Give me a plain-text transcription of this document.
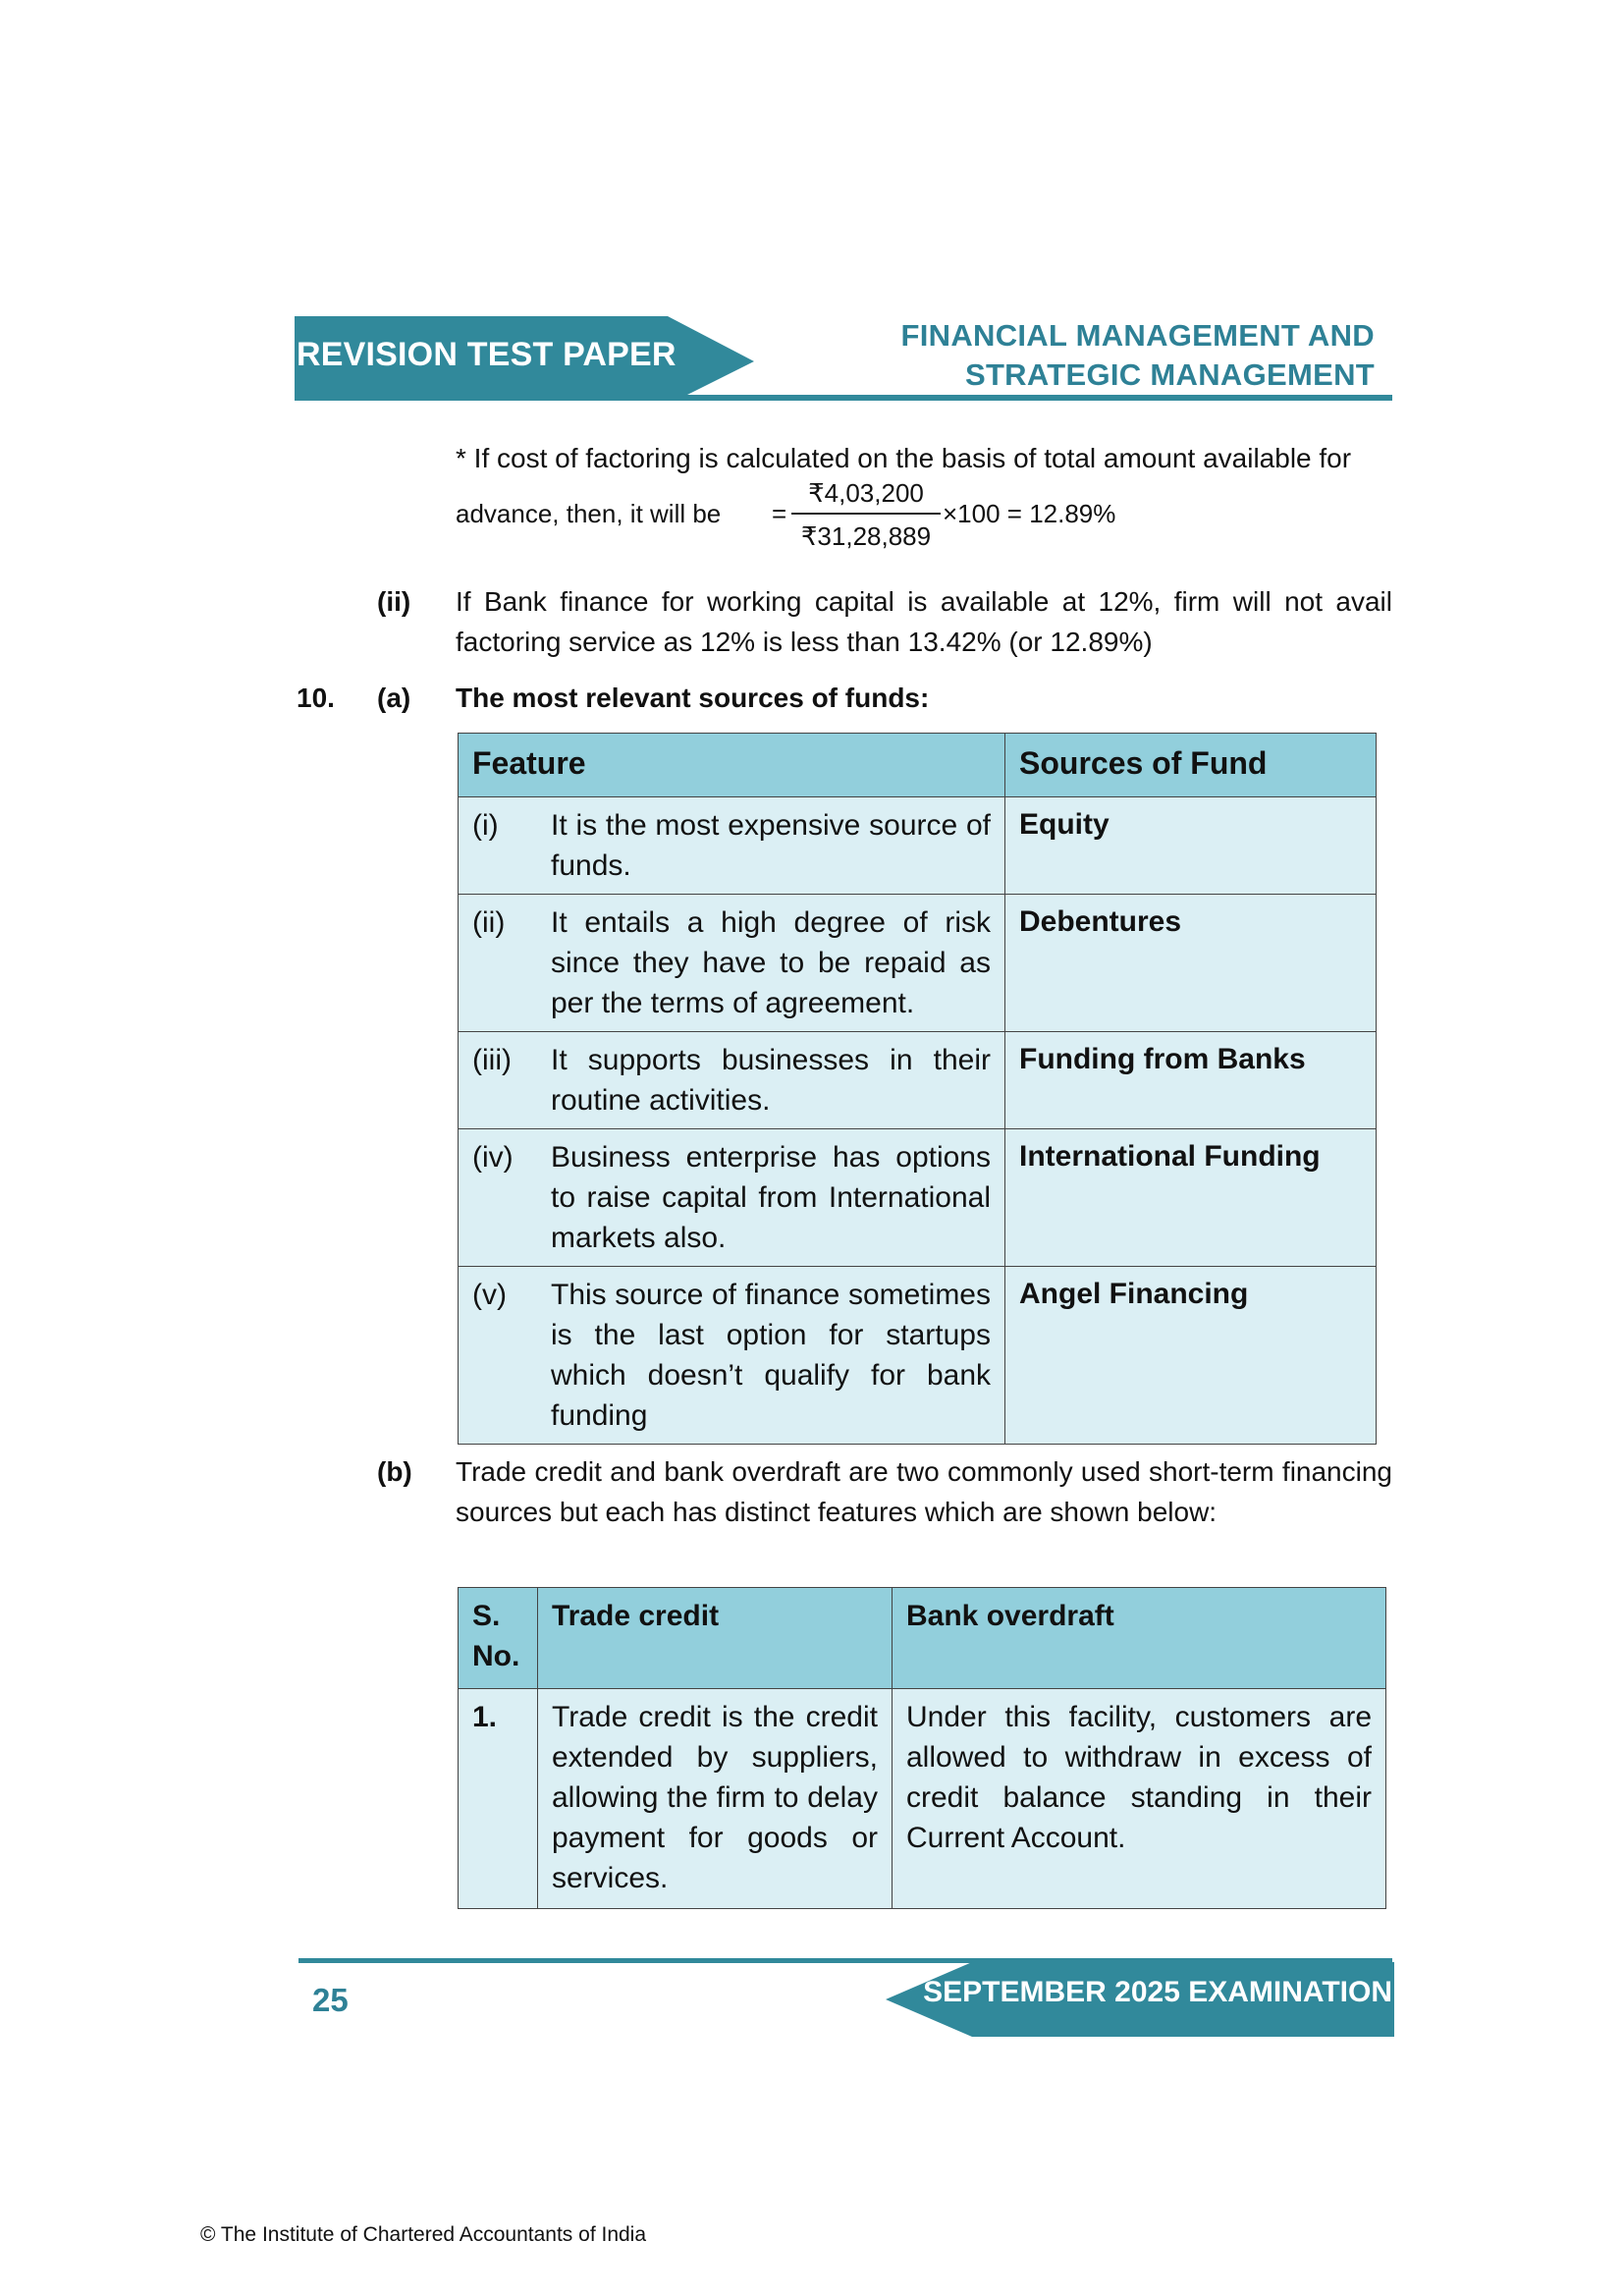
REVISION TEST PAPER
FINANCIAL MANAGEMENT AND
STRATEGIC MANAGEMENT
* If cost of factoring is calculated on the basis of total amount available for
advance, then, it will be =
₹4,03,200
₹31,28,889
×100 = 12.89%
(ii) If Bank finance for working capital is available at 12%, firm will not avail factoring service as 12% is less than 13.42% (or 12.89%)
10. (a) The most relevant sources of funds:
Feature	Sources of Fund

(i) It is the most expensive source of funds.	Equity

(ii) It entails a high degree of risk since they have to be repaid as per the terms of agreement.	Debentures

(iii) It supports businesses in their routine activities.	Funding from Banks

(iv) Business enterprise has options to raise capital from International markets also.	International Funding

(v) This source of finance sometimes is the last option for startups which doesn’t qualify for bank funding	Angel Financing
(b) Trade credit and bank overdraft are two commonly used short-term financing sources but each has distinct features which are shown below:
S. No.	Trade credit	Bank overdraft
1.	Trade credit is the credit extended by suppliers, allowing the firm to delay payment for goods or services.	Under this facility, customers are allowed to withdraw in excess of credit balance standing in their Current Account.
25	SEPTEMBER 2025 EXAMINATION
© The Institute of Chartered Accountants of India
